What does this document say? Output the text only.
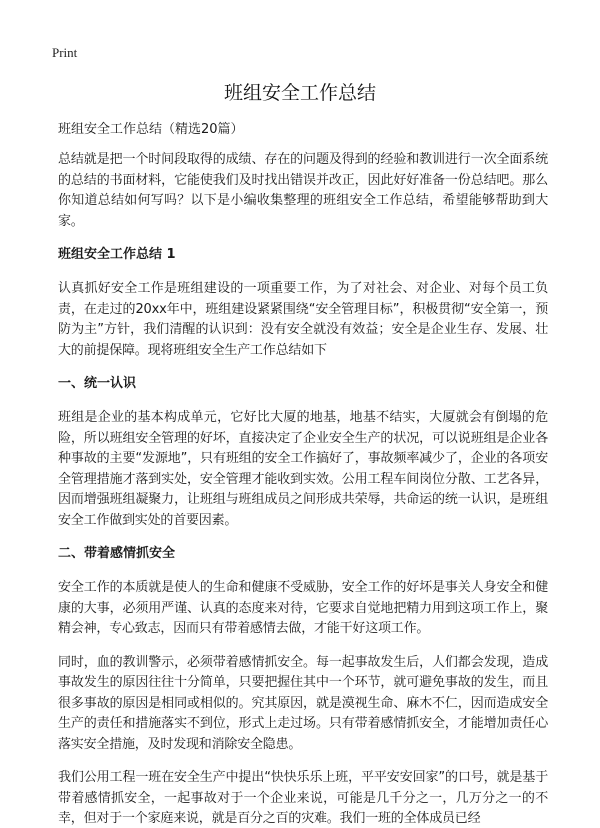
Print
班组安全工作总结

班组安全工作总结（精选20篇）

总结就是把一个时间段取得的成绩、存在的问题及得到的经验和教训进行一次全面系统的总结的书面材料，它能使我们及时找出错误并改正，因此好好准备一份总结吧。那么你知道总结如何写吗？以下是小编收集整理的班组安全工作总结，希望能够帮助到大家。

班组安全工作总结 1

认真抓好安全工作是班组建设的一项重要工作，为了对社会、对企业、对每个员工负责，在走过的20xx年中，班组建设紧紧围绕“安全管理目标”，积极贯彻“安全第一，预防为主”方针，我们清醒的认识到：没有安全就没有效益；安全是企业生存、发展、壮大的前提保障。现将班组安全生产工作总结如下

一、统一认识

班组是企业的基本构成单元，它好比大厦的地基，地基不结实，大厦就会有倒塌的危险，所以班组安全管理的好坏，直接决定了企业安全生产的状况，可以说班组是企业各种事故的主要“发源地”，只有班组的安全工作搞好了，事故频率减少了，企业的各项安全管理措施才落到实处，安全管理才能收到实效。公用工程车间岗位分散、工艺各异，因而增强班组凝聚力，让班组与班组成员之间形成共荣辱，共命运的统一认识，是班组安全工作做到实处的首要因素。

二、带着感情抓安全

安全工作的本质就是使人的生命和健康不受威胁，安全工作的好坏是事关人身安全和健康的大事，必须用严谨、认真的态度来对待，它要求自觉地把精力用到这项工作上，聚精会神，专心致志，因而只有带着感情去做，才能干好这项工作。

同时，血的教训警示，必须带着感情抓安全。每一起事故发生后，人们都会发现，造成事故发生的原因往往十分简单，只要把握住其中一个环节，就可避免事故的发生，而且很多事故的原因是相同或相似的。究其原因，就是漠视生命、麻木不仁，因而造成安全生产的责任和措施落实不到位，形式上走过场。只有带着感情抓安全，才能增加责任心落实安全措施，及时发现和消除安全隐患。

我们公用工程一班在安全生产中提出“快快乐乐上班，平平安安回家”的口号，就是基于带着感情抓安全，一起事故对于一个企业来说，可能是几千分之一，几万分之一的不幸，但对于一个家庭来说，就是百分之百的灾难。我们一班的全体成员已经
